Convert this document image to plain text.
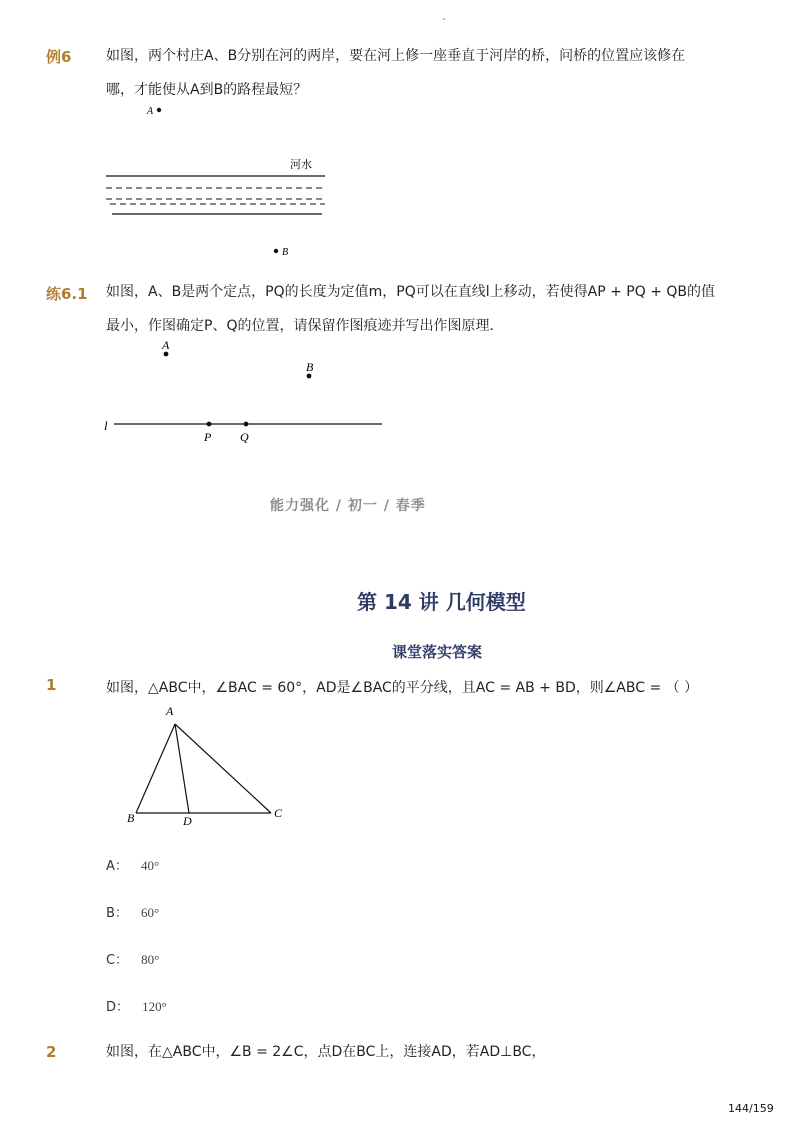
-
例6 如图，两个村庄A、B分别在河的两岸，要在河上修一座垂直于河岸的桥，问桥的位置应该修在
哪，才能使从A到B的路程最短？
A
河水
B
练6.1 如图，A、B是两个定点，PQ的长度为定值m，PQ可以在直线l上移动，若使得AP + PQ + QB的值
最小，作图确定P、Q的位置，请保留作图痕迹并写出作图原理．
A
B
l
P Q
能力强化 / 初一 / 春季
第 14 讲 几何模型
课堂落实答案
1	如图，△ABC中，∠BAC = 60°，AD是∠BAC的平分线，且AC = AB + BD，则∠ABC = （ ）
A
B	D
C
A： 40°
B： 60°
C： 80°
D： 120°
2	如图，在△ABC中，∠B = 2∠C，点D在BC上，连接AD，若AD⊥BC，
144/159
